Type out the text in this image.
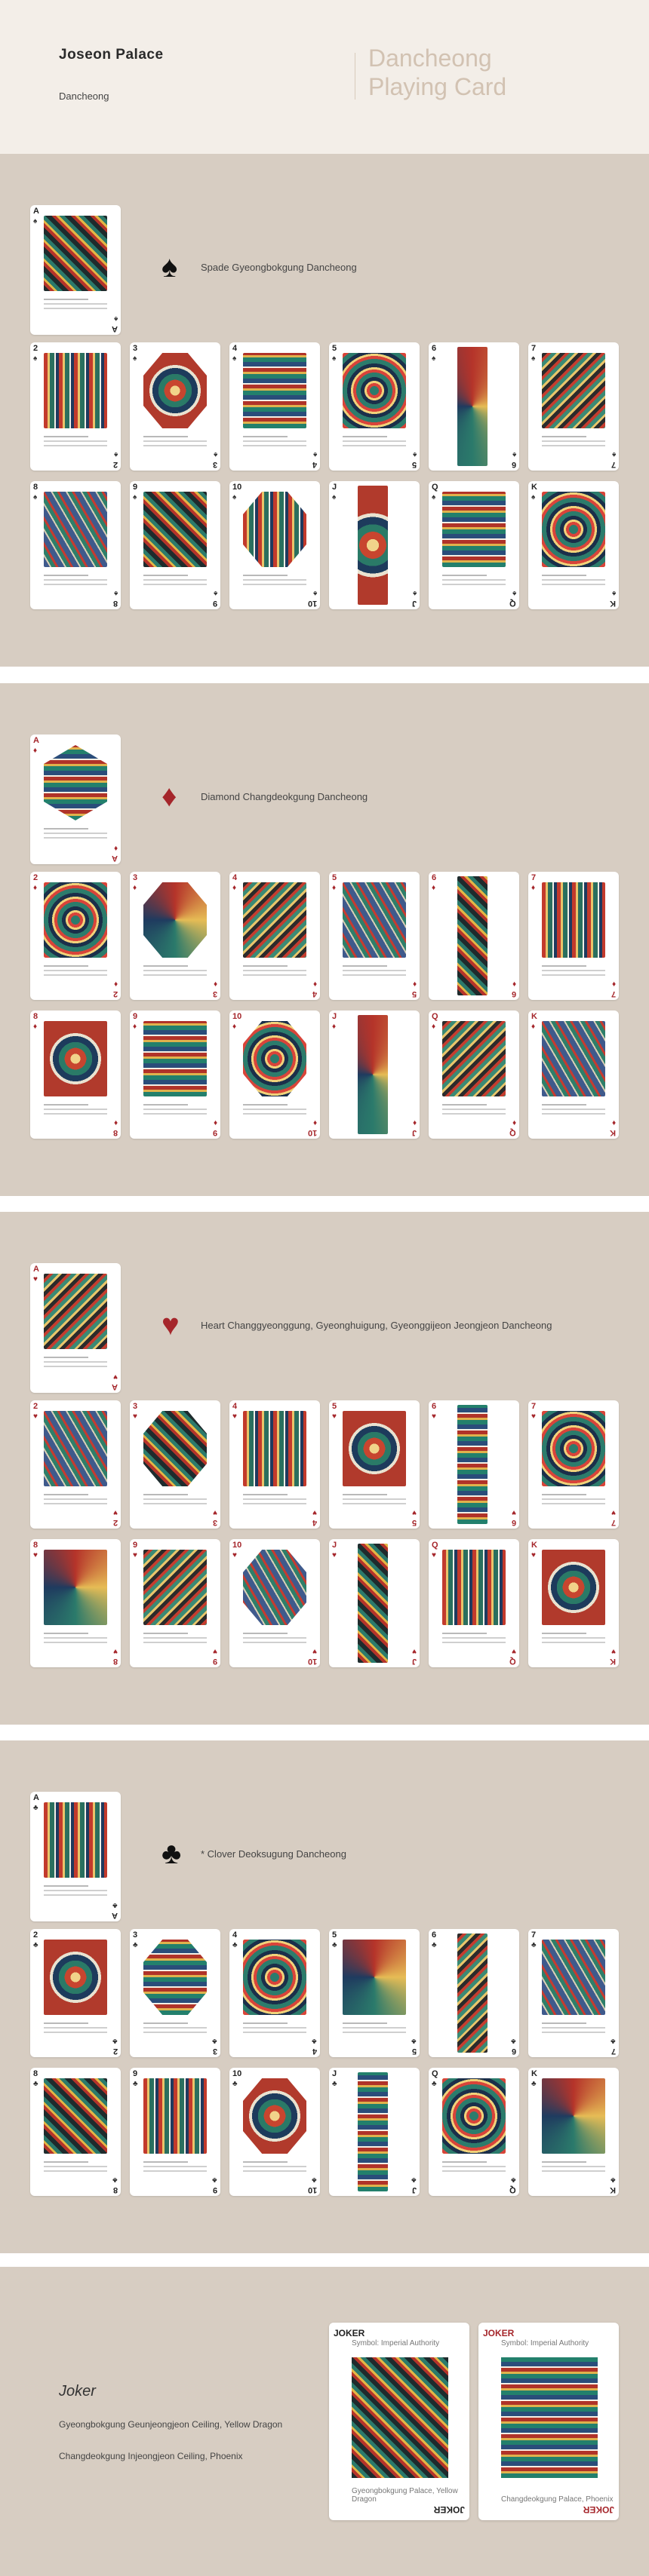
Joseon Palace
Dancheong
Dancheong
Playing Card
A
♠
♠
A
♠ Spade Gyeongbokgung Dancheong
2
♠
♠
2
3
♠
♠
3
4
♠
♠
4
5
♠
♠
5
6
♠
♠
6
7
♠
♠
7
8
♠
♠
8
9
♠
♠
9
10
♠
♠
10
J
♠
♠
J
Q
♠
♠
Q
K
♠
♠
K
A
♦
♦
A
♦ Diamond Changdeokgung Dancheong
2
♦
♦
2
3
♦
♦
3
4
♦
♦
4
5
♦
♦
5
6
♦
♦
6
7
♦
♦
7
8
♦
♦
8
9
♦
♦
9
10
♦
♦
10
J
♦
♦
J
Q
♦
♦
Q
K
♦
♦
K
A
♥
♥
A
♥ Heart Changgyeonggung, Gyeonghuigung, Gyeonggijeon Jeongjeon Dancheong
2
♥
♥
2
3
♥
♥
3
4
♥
♥
4
5
♥
♥
5
6
♥
♥
6
7
♥
♥
7
8
♥
♥
8
9
♥
♥
9
10
♥
♥
10
J
♥
♥
J
Q
♥
♥
Q
K
♥
♥
K
A
♣
♣
A
♣ * Clover Deoksugung Dancheong
2
♣
♣
2
3
♣
♣
3
4
♣
♣
4
5
♣
♣
5
6
♣
♣
6
7
♣
♣
7
8
♣
♣
8
9
♣
♣
9
10
♣
♣
10
J
♣
♣
J
Q
♣
♣
Q
K
♣
♣
K
Joker
Gyeongbokgung Geunjeongjeon Ceiling, Yellow Dragon
Changdeokgung Injeongjeon Ceiling, Phoenix
JOKER
Symbol: Imperial Authority
Gyeongbokgung Palace, Yellow Dragon
JOKER
JOKER
Symbol: Imperial Authority
Changdeokgung Palace, Phoenix
JOKER
